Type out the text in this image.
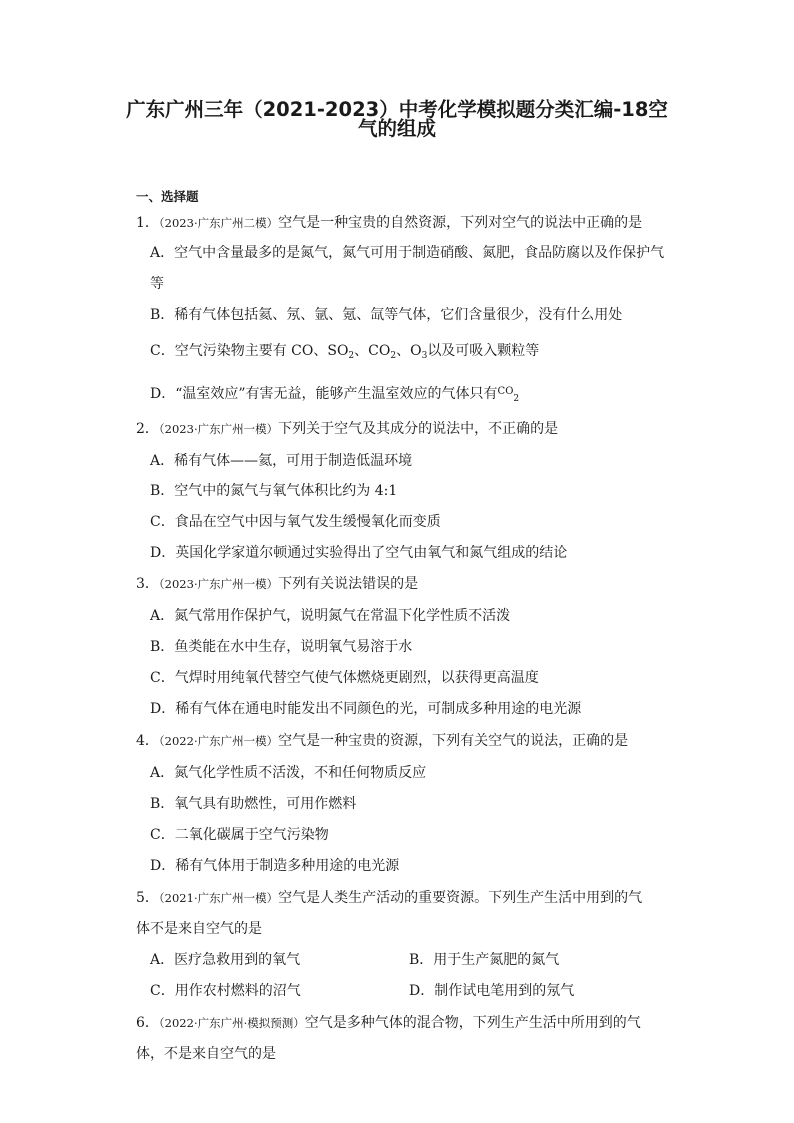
广东广州三年（2021-2023）中考化学模拟题分类汇编-18空
气的组成
一、选择题
1．（2023·广东广州二模）空气是一种宝贵的自然资源，下列对空气的说法中正确的是
A．空气中含量最多的是氮气，氮气可用于制造硝酸、氮肥，食品防腐以及作保护气
等
B．稀有气体包括氦、氖、氩、氪、氙等气体，它们含量很少，没有什么用处
C．空气污染物主要有 CO、$SO_2$、$CO_2$、$O_3$以及可吸入颗粒等
D．“温室效应”有害无益，能够产生温室效应的气体只有$^{CO}_2$
2．（2023·广东广州一模）下列关于空气及其成分的说法中，不正确的是
A．稀有气体——氦，可用于制造低温环境
B．空气中的氮气与氧气体积比约为 4:1
C．食品在空气中因与氧气发生缓慢氧化而变质
D．英国化学家道尔顿通过实验得出了空气由氧气和氮气组成的结论
3．（2023·广东广州一模）下列有关说法错误的是
A．氮气常用作保护气，说明氮气在常温下化学性质不活泼
B．鱼类能在水中生存，说明氧气易溶于水
C．气焊时用纯氧代替空气使气体燃烧更剧烈，以获得更高温度
D．稀有气体在通电时能发出不同颜色的光，可制成多种用途的电光源
4．（2022·广东广州一模）空气是一种宝贵的资源，下列有关空气的说法，正确的是
A．氮气化学性质不活泼，不和任何物质反应
B．氧气具有助燃性，可用作燃料
C．二氧化碳属于空气污染物
D．稀有气体用于制造多种用途的电光源
5．（2021·广东广州一模）空气是人类生产活动的重要资源。下列生产生活中用到的气
体不是来自空气的是
A．医疗急救用到的氧气	B．用于生产氮肥的氮气
C．用作农村燃料的沼气	D．制作试电笔用到的氖气
6．（2022·广东广州·模拟预测）空气是多种气体的混合物，下列生产生活中所用到的气
体，不是来自空气的是
